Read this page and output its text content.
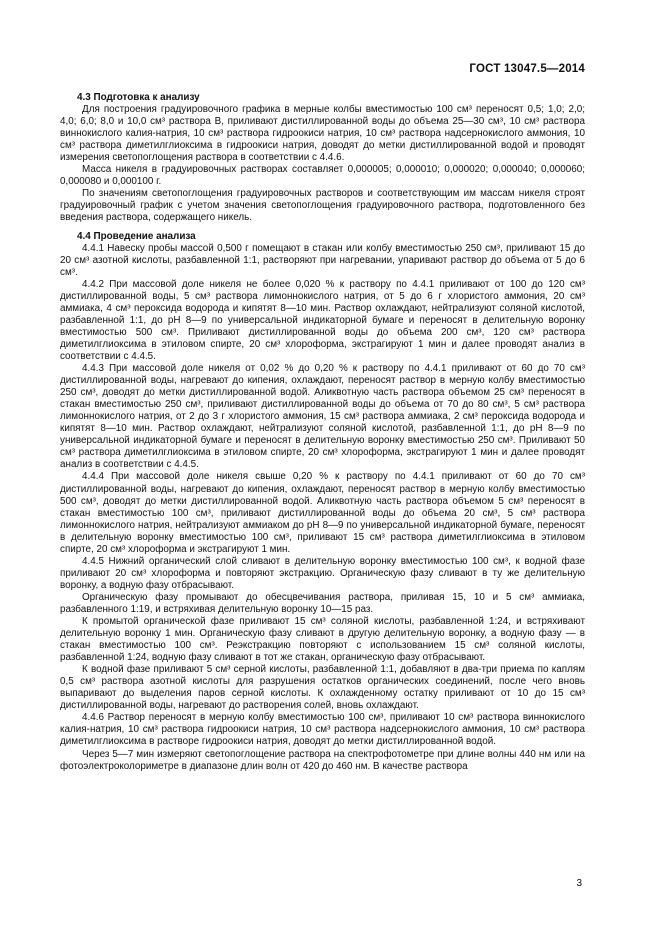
ГОСТ 13047.5—2014
4.3 Подготовка к анализу

Для построения градуировочного графика в мерные колбы вместимостью 100 см³ переносят 0,5; 1,0; 2,0; 4,0; 6,0; 8,0 и 10,0 см³ раствора В, приливают дистиллированной воды до объема 25—30 см³, 10 см³ раствора виннокислого калия-натрия, 10 см³ раствора гидроокиси натрия, 10 см³ раствора надсернокислого аммония, 10 см³ раствора диметилглиоксима в гидроокиси натрия, доводят до метки дистиллированной водой и проводят измерения светопоглощения раствора в соответствии с 4.4.6.

Масса никеля в градуировочных растворах составляет 0,000005; 0,000010; 0,000020; 0,000040; 0,000060; 0,000080 и 0,000100 г.

По значениям светопоглощения градуировочных растворов и соответствующим им массам никеля строят градуировочный график с учетом значения светопоглощения градуировочного раствора, подготовленного без введения раствора, содержащего никель.

4.4 Проведение анализа

4.4.1 Навеску пробы массой 0,500 г помещают в стакан или колбу вместимостью 250 см³, приливают 15 до 20 см³ азотной кислоты, разбавленной 1:1, растворяют при нагревании, упаривают раствор до объема от 5 до 6 см³.

4.4.2 При массовой доле никеля не более 0,020 % к раствору по 4.4.1 приливают от 100 до 120 см³ дистиллированной воды, 5 см³ раствора лимоннокислого натрия, от 5 до 6 г хлористого аммония, 20 см³ аммиака, 4 см³ пероксида водорода и кипятят 8—10 мин. Раствор охлаждают, нейтрализуют соляной кислотой, разбавленной 1:1, до рН 8—9 по универсальной индикаторной бумаге и переносят в делительную воронку вместимостью 500 см³. Приливают дистиллированной воды до объема 200 см³, 120 см³ раствора диметилглиоксима в этиловом спирте, 20 см³ хлороформа, экстрагируют 1 мин и далее проводят анализ в соответствии с 4.4.5.

4.4.3 При массовой доле никеля от 0,02 % до 0,20 % к раствору по 4.4.1 приливают от 60 до 70 см³ дистиллированной воды, нагревают до кипения, охлаждают, переносят раствор в мерную колбу вместимостью 250 см³, доводят до метки дистиллированной водой. Аликвотную часть раствора объемом 25 см³ переносят в стакан вместимостью 250 см³, приливают дистиллированной воды до объема от 70 до 80 см³, 5 см³ раствора лимоннокислого натрия, от 2 до 3 г хлористого аммония, 15 см³ раствора аммиака, 2 см³ пероксида водорода и кипятят 8—10 мин. Раствор охлаждают, нейтрализуют соляной кислотой, разбавленной 1:1, до рН 8—9 по универсальной индикаторной бумаге и переносят в делительную воронку вместимостью 250 см³. Приливают 50 см³ раствора диметилглиоксима в этиловом спирте, 20 см³ хлороформа, экстрагируют 1 мин и далее проводят анализ в соответствии с 4.4.5.

4.4.4 При массовой доле никеля свыше 0,20 % к раствору по 4.4.1 приливают от 60 до 70 см³ дистиллированной воды, нагревают до кипения, охлаждают, переносят раствор в мерную колбу вместимостью 500 см³, доводят до метки дистиллированной водой. Аликвотную часть раствора объемом 5 см³ переносят в стакан вместимостью 100 см³, приливают дистиллированной воды до объема 20 см³, 5 см³ раствора лимоннокислого натрия, нейтрализуют аммиаком до рН 8—9 по универсальной индикаторной бумаге, переносят в делительную воронку вместимостью 100 см³, приливают 15 см³ раствора диметилглиоксима в этиловом спирте, 20 см³ хлороформа и экстрагируют 1 мин.

4.4.5 Нижний органический слой сливают в делительную воронку вместимостью 100 см³, к водной фазе приливают 20 см³ хлороформа и повторяют экстракцию. Органическую фазу сливают в ту же делительную воронку, а водную фазу отбрасывают.

Органическую фазу промывают до обесцвечивания раствора, приливая 15, 10 и 5 см³ аммиака, разбавленного 1:19, и встряхивая делительную воронку 10—15 раз.

К промытой органической фазе приливают 15 см³ соляной кислоты, разбавленной 1:24, и встряхивают делительную воронку 1 мин. Органическую фазу сливают в другую делительную воронку, а водную фазу — в стакан вместимостью 100 см³. Реэкстракцию повторяют с использованием 15 см³ соляной кислоты, разбавленной 1:24, водную фазу сливают в тот же стакан, органическую фазу отбрасывают.

К водной фазе приливают 5 см³ серной кислоты, разбавленной 1:1, добавляют в два-три приема по каплям 0,5 см³ раствора азотной кислоты для разрушения остатков органических соединений, после чего вновь выпаривают до выделения паров серной кислоты. К охлажденному остатку приливают от 10 до 15 см³ дистиллированной воды, нагревают до растворения солей, вновь охлаждают.

4.4.6 Раствор переносят в мерную колбу вместимостью 100 см³, приливают 10 см³ раствора виннокислого калия-натрия, 10 см³ раствора гидроокиси натрия, 10 см³ раствора надсернокислого аммония, 10 см³ раствора диметилглиоксима в растворе гидроокиси натрия, доводят до метки дистиллированной водой.

Через 5—7 мин измеряют светопоглощение раствора на спектрофотометре при длине волны 440 нм или на фотоэлектроколориметре в диапазоне длин волн от 420 до 460 нм. В качестве раствора

3
